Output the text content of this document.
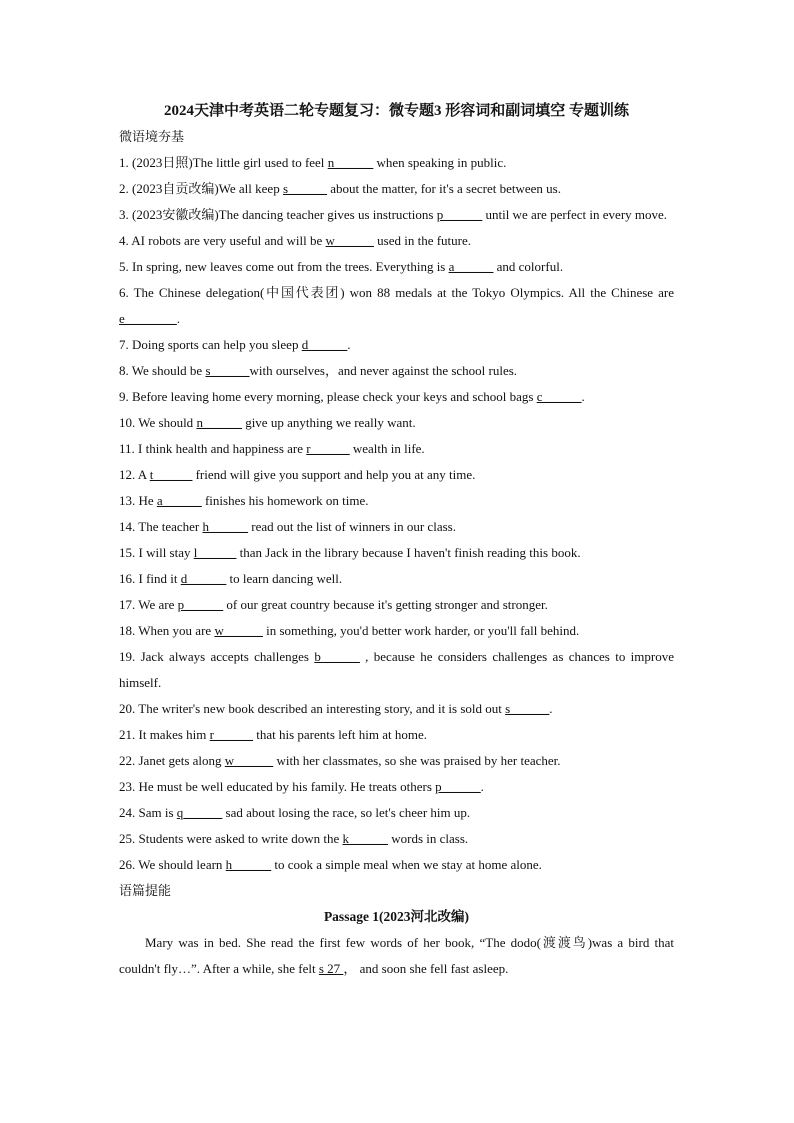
2024天津中考英语二轮专题复习：微专题3 形容词和副词填空 专题训练
微语境夯基
1. (2023日照)The little girl used to feel n______ when speaking in public.
2. (2023自贡改编)We all keep s______ about the matter, for it's a secret between us.
3. (2023安徽改编)The dancing teacher gives us instructions p______ until we are perfect in every move.
4. AI robots are very useful and will be w______ used in the future.
5. In spring, new leaves come out from the trees. Everything is a______ and colorful.
6. The Chinese delegation(中国代表团) won 88 medals at the Tokyo Olympics. All the Chinese are e________.
7. Doing sports can help you sleep d______.
8. We should be s______with ourselves，and never against the school rules.
9. Before leaving home every morning, please check your keys and school bags c______.
10. We should n______ give up anything we really want.
11. I think health and happiness are r______ wealth in life.
12. A t______ friend will give you support and help you at any time.
13. He a______ finishes his homework on time.
14. The teacher h______ read out the list of winners in our class.
15. I will stay l______ than Jack in the library because I haven't finish reading this book.
16. I find it d______ to learn dancing well.
17. We are p______ of our great country because it's getting stronger and stronger.
18. When you are w______ in something, you'd better work harder, or you'll fall behind.
19. Jack always accepts challenges b______ , because he considers challenges as chances to improve himself.
20. The writer's new book described an interesting story, and it is sold out s______.
21. It makes him r______ that his parents left him at home.
22. Janet gets along w______ with her classmates, so she was praised by her teacher.
23. He must be well educated by his family. He treats others p______.
24. Sam is q______ sad about losing the race, so let's cheer him up.
25. Students were asked to write down the k______ words in class.
26. We should learn h______ to cook a simple meal when we stay at home alone.
语篇提能
Passage 1(2023河北改编)
Mary was in bed. She read the first few words of her book, “The dodo(渡渡鸟)was a bird that couldn't fly…”. After a while, she felt s 27 ， and soon she fell fast asleep.
